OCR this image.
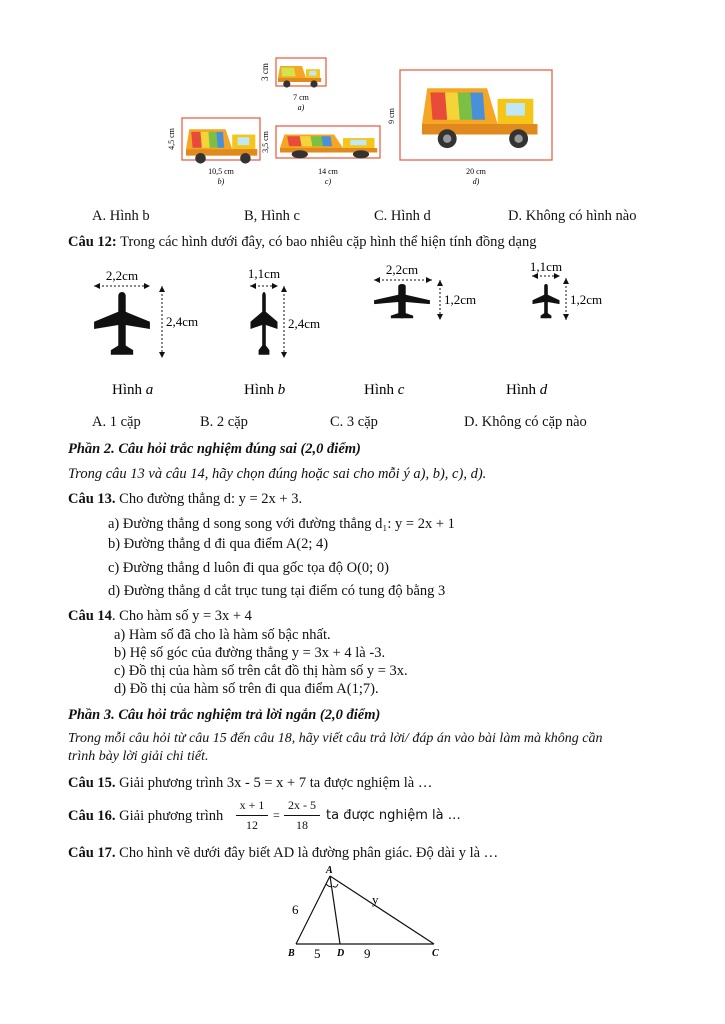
3 cm
7 cm
a)
4,5 cm
10,5 cm
b)
3,5 cm
14 cm
c)
9 cm
20 cm
d)
A. Hình b	B, Hình c	C. Hình d	D. Không có hình nào
Câu 12: Trong các hình dưới đây, có bao nhiêu cặp hình thể hiện tính đồng dạng
2,2cm
2,4cm
Hình a
1,1cm
2,4cm
Hình b
2,2cm
1,2cm
Hình c
1,1cm
1,2cm
Hình d
A. 1 cặp	B. 2 cặp	C. 3 cặp	D. Không có cặp nào
Phần 2. Câu hỏi trắc nghiệm đúng sai (2,0 điểm)
Trong câu 13 và câu 14, hãy chọn đúng hoặc sai cho mỗi ý a), b), c), d).
Câu 13. Cho đường thẳng d: y = 2x + 3.
a) Đường thẳng d song song với đường thẳng d₁: y = 2x + 1
b) Đường thẳng d đi qua điểm A(2; 4)
c) Đường thẳng d luôn đi qua gốc tọa độ O(0; 0)
d) Đường thẳng d cắt trục tung tại điểm có tung độ bằng 3
Câu 14. Cho hàm số y = 3x + 4
a) Hàm số đã cho là hàm số bậc nhất.
b) Hệ số góc của đường thẳng y = 3x + 4 là -3.
c) Đồ thị của hàm số trên cắt đồ thị hàm số y = 3x.
d) Đồ thị của hàm số trên đi qua điểm A(1;7).
Phần 3. Câu hỏi trắc nghiệm trả lời ngắn (2,0 điểm)
Trong mỗi câu hỏi từ câu 15 đến câu 18, hãy viết câu trả lời/ đáp án vào bài làm mà không cần
trình bày lời giải chi tiết.
Câu 15. Giải phương trình 3x - 5 = x + 7 ta được nghiệm là …
Câu 16. Giải phương trình
x + 1
12
=
2x - 5
18
ta được nghiệm là …
Câu 17. Cho hình vẽ dưới đây biết AD là đường phân giác. Độ dài y là …
A
B	D	C
6
y
5	9
